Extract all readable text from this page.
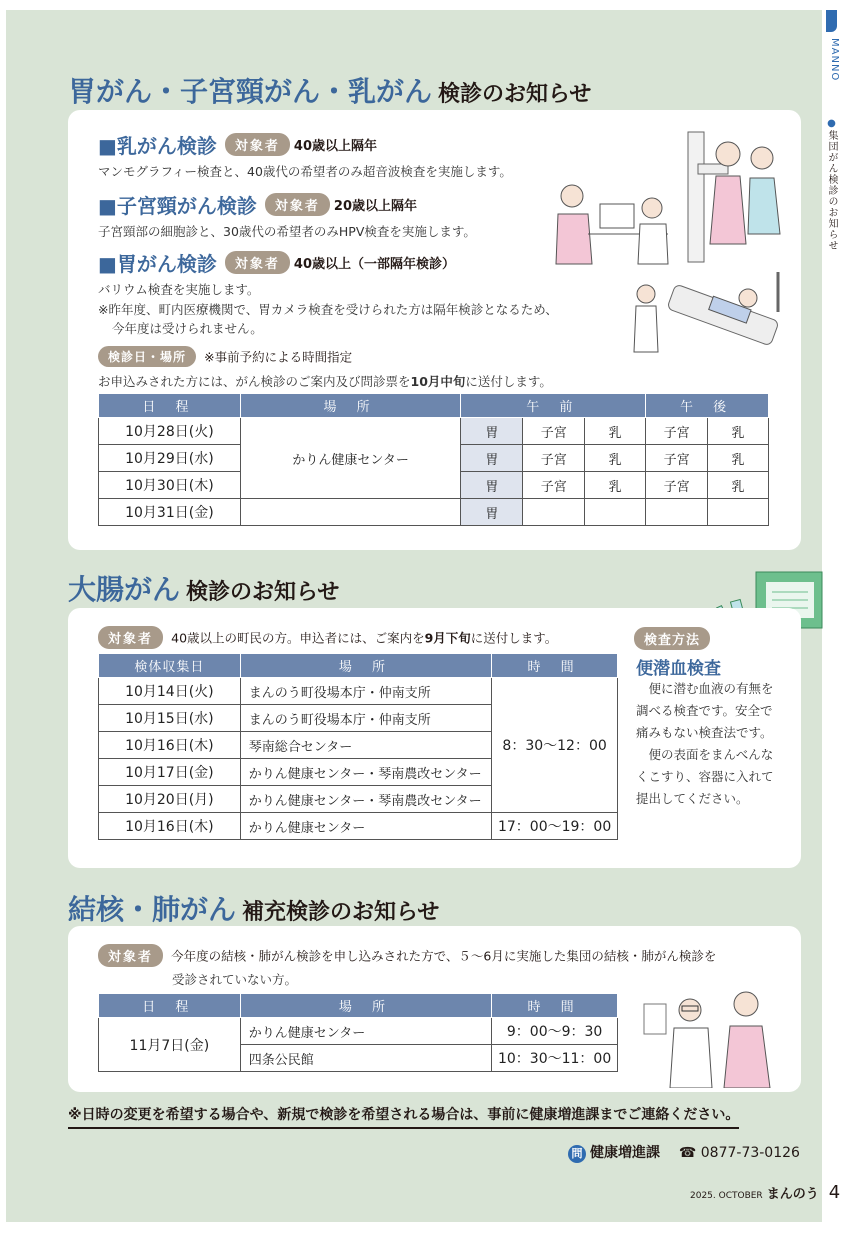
MANNO
●集団がん検診のお知らせ
胃がん・子宮頸がん・乳がん 検診のお知らせ
■乳がん検診 対象者 40歳以上隔年
マンモグラフィー検査と、40歳代の希望者のみ超音波検査を実施します。
■子宮頸がん検診 対象者 20歳以上隔年
子宮頸部の細胞診と、30歳代の希望者のみHPV検査を実施します。
■胃がん検診 対象者 40歳以上（一部隔年検診）
バリウム検査を実施します。
※昨年度、町内医療機関で、胃カメラ検査を受けられた方は隔年検診となるため、
今年度は受けられません。
検診日・場所 ※事前予約による時間指定
お申込みされた方には、がん検診のご案内及び問診票を10月中旬に送付します。
日 程	場 所	午 前			午 後	
10月28日(火)	かりん健康センター	胃	子宮	乳	子宮	乳
10月29日(水)		胃	子宮	乳	子宮	乳
10月30日(木)		胃	子宮	乳	子宮	乳
10月31日(金)		胃				
大腸がん 検診のお知らせ
対象者 40歳以上の町民の方。申込者には、ご案内を9月下旬に送付します。
検体収集日	場 所	時 間
10月14日(火)	まんのう町役場本庁・仲南支所	8：30～12：00
10月15日(水)	まんのう町役場本庁・仲南支所	
10月16日(木)	琴南総合センター	
10月17日(金)	かりん健康センター・琴南農改センター	
10月20日(月)	かりん健康センター・琴南農改センター	
10月16日(木)	かりん健康センター	17：00～19：00
検査方法
便潜血検査

便に潜む血液の有無を調べる検査です。安全で痛みもない検査法です。

便の表面をまんべんなくこすり、容器に入れて提出してください。

結核・肺がん 補充検診のお知らせ
対象者 今年度の結核・肺がん検診を申し込みされた方で、５～6月に実施した集団の結核・肺がん検診を
受診されていない方。
日 程	場 所	時 間
11月7日(金)	かりん健康センター	9：00～9：30
	四条公民館	10：30～11：00
※日時の変更を希望する場合や、新規で検診を希望される場合は、事前に健康増進課までご連絡ください。
問 健康増進課 ☎ 0877-73-0126
2025. OCTOBER まんのう 4
